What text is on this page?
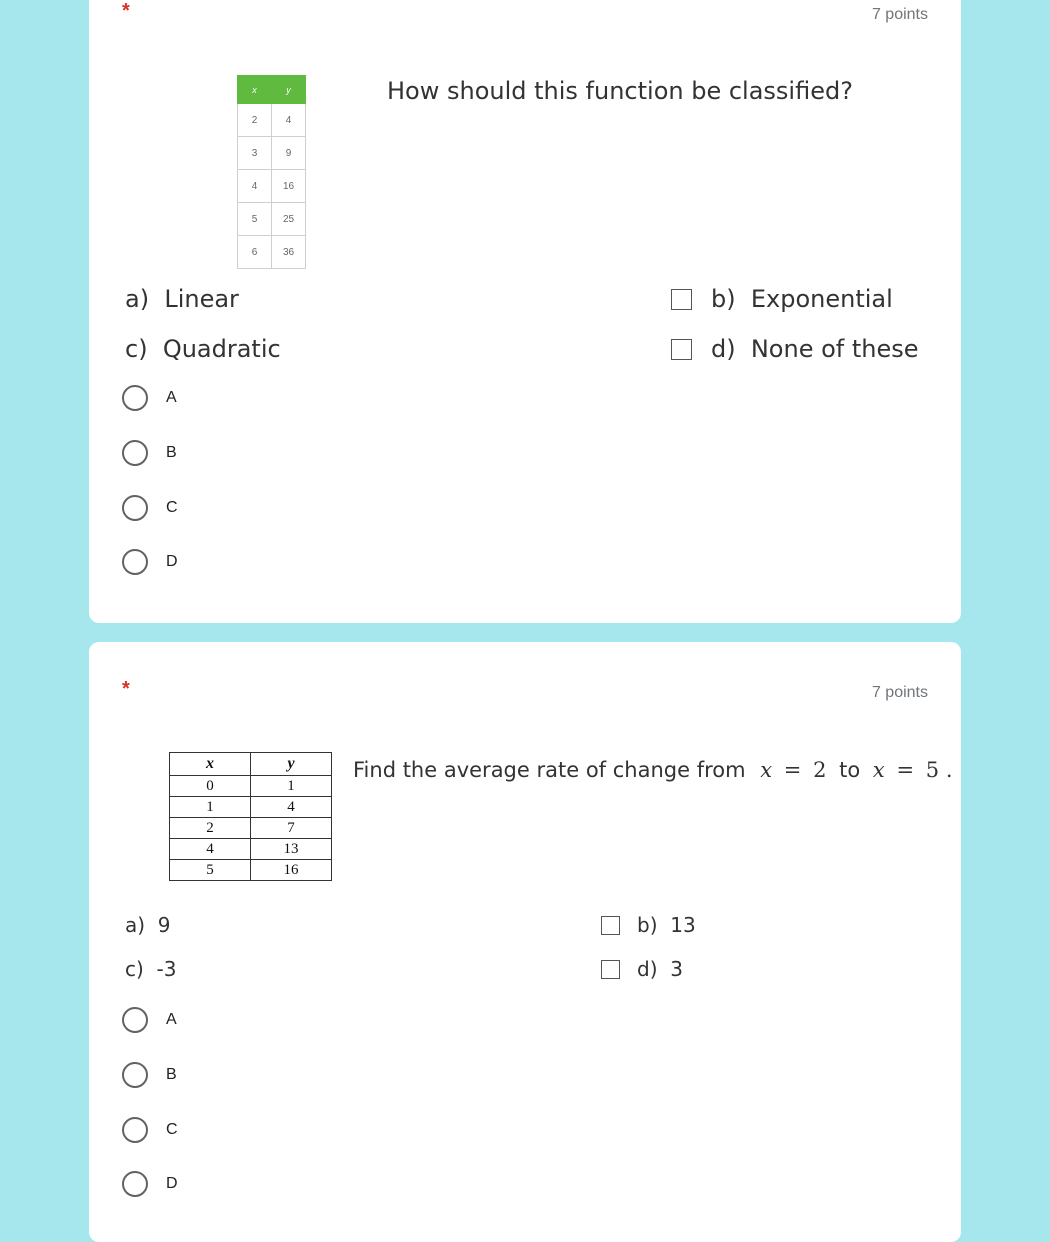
*	7 points
x	y
2	4
3	9
4	16
5	25
6	36
How should this function be classified?
a)  Linear	b)  Exponential
c)  Quadratic	d)  None of these
A
B
C
D
*	7 points
x	y
0	1
1	4
2	7
4	13
5	16
Find the average rate of change from x = 2 to x = 5 .
a)  9	b)  13
c)  -3	d)  3
A
B
C
D
